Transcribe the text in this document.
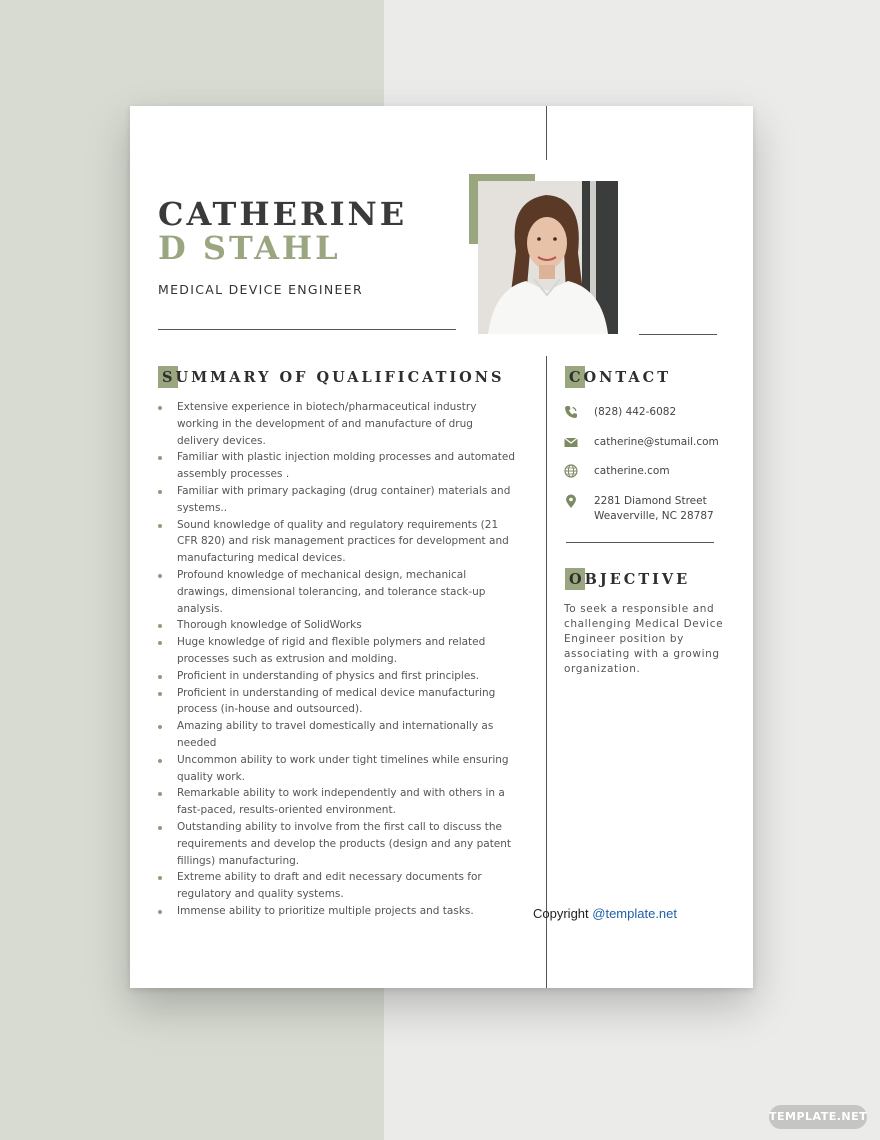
CATHERINE
D STAHL
MEDICAL DEVICE ENGINEER
SUMMARY OF QUALIFICATIONS
Extensive experience in biotech/pharmaceutical industry working in the development of and manufacture of drug delivery devices.
Familiar with plastic injection molding processes and automated assembly processes .
Familiar with primary packaging (drug container) materials and systems..
Sound knowledge of quality and regulatory requirements (21 CFR 820) and risk management practices for development and manufacturing medical devices.
Profound knowledge of mechanical design, mechanical drawings, dimensional tolerancing, and tolerance stack-up analysis.
Thorough knowledge of SolidWorks
Huge knowledge of rigid and flexible polymers and related processes such as extrusion and molding.
Proficient in understanding of physics and first principles.
Proficient in understanding of medical device manufacturing process (in-house and outsourced).
Amazing ability to travel domestically and internationally as needed
Uncommon ability to work under tight timelines while ensuring quality work.
Remarkable ability to work independently and with others in a fast-paced, results-oriented environment.
Outstanding ability to involve from the first call to discuss the requirements and develop the products (design and any patent fillings) manufacturing.
Extreme ability to draft and edit necessary documents for regulatory and quality systems.
Immense ability to prioritize multiple projects and tasks.
CONTACT
(828) 442-6082
catherine@stumail.com
catherine.com
2281 Diamond Street
Weaverville, NC 28787
OBJECTIVE

To seek a responsible and challenging Medical Device Engineer position by associating with a growing organization.

Copyright @template.net
TEMPLATE.NET
